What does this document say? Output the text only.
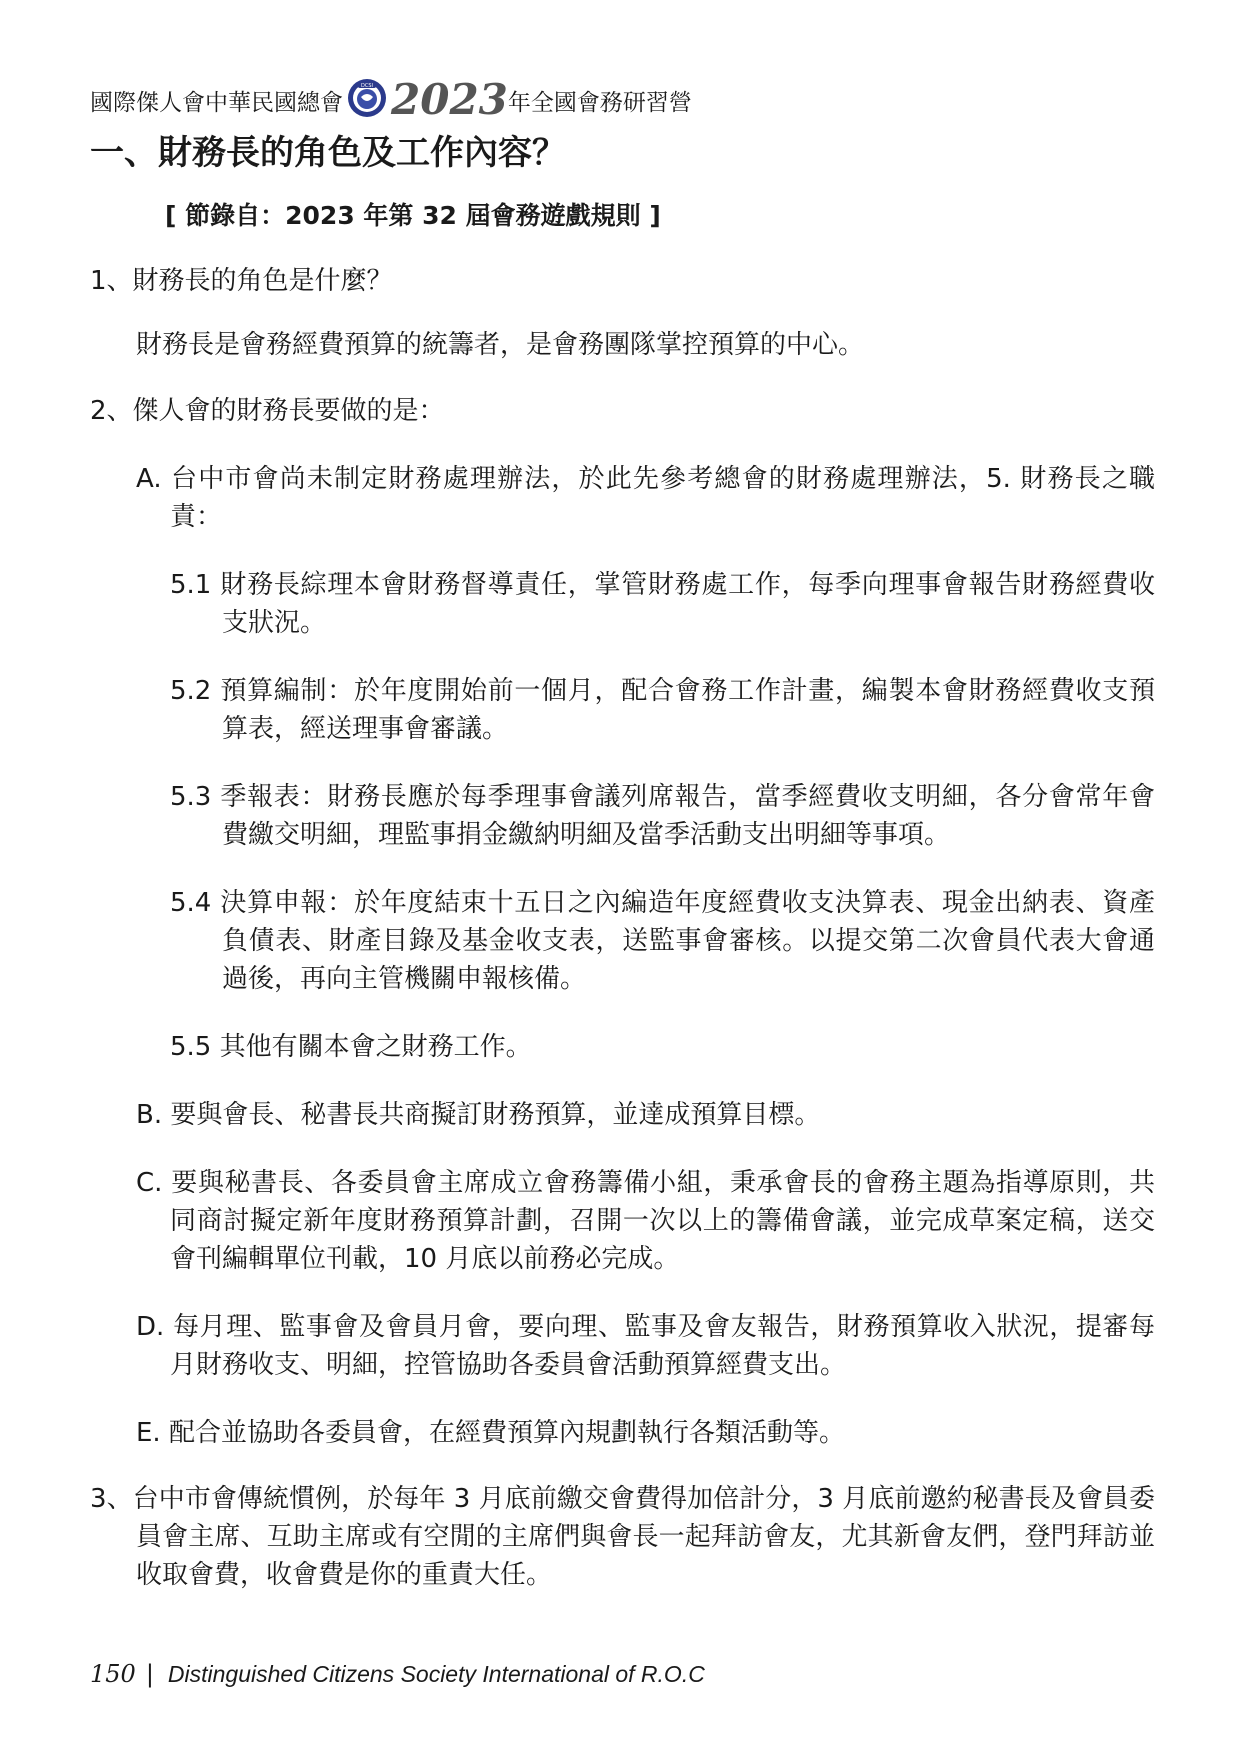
國際傑人會中華民國總會
DCSI 2023 年全國會務研習營
一、財務長的角色及工作內容？

[ 節錄自：2023 年第 32 屆會務遊戲規則 ]

1、財務長的角色是什麼？

財務長是會務經費預算的統籌者，是會務團隊掌控預算的中心。

2、傑人會的財務長要做的是：

A. 台中市會尚未制定財務處理辦法，於此先參考總會的財務處理辦法，5. 財務長之職責：

5.1 財務長綜理本會財務督導責任，掌管財務處工作，每季向理事會報告財務經費收支狀況。

5.2 預算編制：於年度開始前一個月，配合會務工作計畫，編製本會財務經費收支預算表，經送理事會審議。

5.3 季報表：財務長應於每季理事會議列席報告，當季經費收支明細，各分會常年會費繳交明細，理監事捐金繳納明細及當季活動支出明細等事項。

5.4 決算申報：於年度結束十五日之內編造年度經費收支決算表、現金出納表、資產負債表、財產目錄及基金收支表，送監事會審核。以提交第二次會員代表大會通過後，再向主管機關申報核備。

5.5 其他有關本會之財務工作。

B. 要與會長、秘書長共商擬訂財務預算，並達成預算目標。

C. 要與秘書長、各委員會主席成立會務籌備小組，秉承會長的會務主題為指導原則，共同商討擬定新年度財務預算計劃，召開一次以上的籌備會議，並完成草案定稿，送交會刊編輯單位刊載，10 月底以前務必完成。

D. 每月理、監事會及會員月會，要向理、監事及會友報告，財務預算收入狀況，提審每月財務收支、明細，控管協助各委員會活動預算經費支出。

E. 配合並協助各委員會，在經費預算內規劃執行各類活動等。

3、台中市會傳統慣例，於每年 3 月底前繳交會費得加倍計分，3 月底前邀約秘書長及會員委員會主席、互助主席或有空閒的主席們與會長一起拜訪會友，尤其新會友們，登門拜訪並收取會費，收會費是你的重責大任。

150 | Distinguished Citizens Society International of R.O.C
